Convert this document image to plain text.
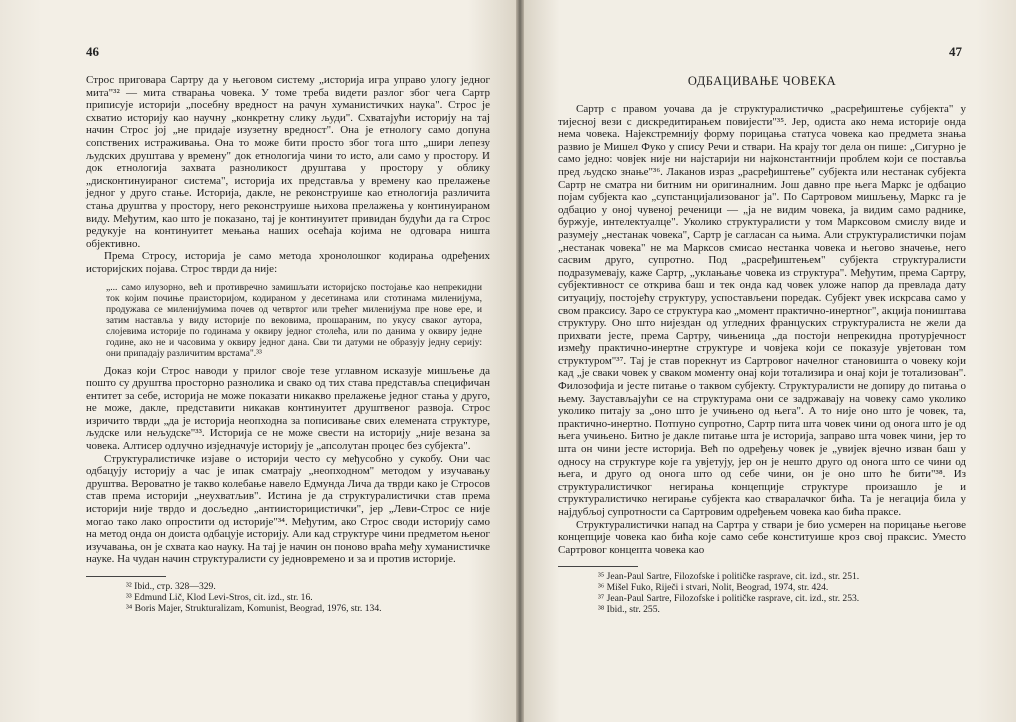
46

Строс приговара Сартру да у његовом систему „историја игра управо улогу једног мита"³² — мита стварања човека. У томе треба видети разлог због чега Сартр приписује историји „посебну вредност на рачун хуманистичких наука". Строс је схватио историју као научну „конкретну слику људи". Схватајући историју на тај начин Строс јој „не придаје изузетну вредност". Она је етнологу само допуна сопствених истраживања. Она то може бити просто због тога што „шири лепезу људских друштава у времену" док етнологија чини то исто, али само у простору. И док етнологија захвата разноликост друштава у простору у облику „дисконтинуираног система", историја их представља у времену као прелажење једног у друго стање. Историја, дакле, не реконструише као етнологија различита стања друштва у простору, него реконструише њихова прелажења у континуираном виду. Међутим, као што је показано, тај је континуитет привидан будући да га Строс редукује на континуитет мењања наших осећаја којима не одговара ништа објективно.

Према Стросу, историја је само метода хронолошког кодирања одређених историјских појава. Строс тврди да није:

„... само илузорно, већ и противречно замишљати историјско постојање као непрекидни ток којим почиње праисторијом, кодираном у десетинама или стотинама милениjума, продужава се милениjумима почев од четвртог или трећег миленијума пре нове ере, и затим наставља у виду историје по вековима, прошараним, по укусу сваког аутора, слојевима историје по годинама у оквиру једног столећа, или по данима у оквиру једне године, ако не и часовима у оквиру једног дана. Сви ти датуми не образују једну серију: они припадају различитим врстама".³³

Доказ који Строс наводи у прилог своје тезе углавном исказује мишљење да пошто су друштва просторно разнолика и свако од тих става представља специфичан ентитет за себе, историја не може показати никакво прелажење једног стања у друго, не може, дакле, представити никакав континуитет друштвеног развоја. Строс изричито тврди „да је историја неопходна за пописивање свих елемената структуре, људске или нељудске"³³. Историја се не може свести на историју „није везана за човека. Алтисер одлучно изједначује историју је „апсолутан процес без субјекта".

Структуралистичке изјаве о историји често су међусобно у сукобу. Они час одбацују историју а час је ипак сматрају „неопходном" методом у изучавању друштва. Вероватно је такво колебање навело Едмунда Лича да тврди како је Стросов став према историји „неухватљив". Истина је да структуралистички став према историји није тврдо и досљедно „антиисторицистички", јер „Леви-Строс се није могао тако лако опростити од историје"³⁴. Међутим, ако Строс своди историју само на метод онда он доиста одбацује историју. Али кад структуре чини предметом њеног изучавања, он је схвата као науку. На тај је начин он поново враћа међу хуманистичке науке. На чудан начин структуралисти су једновремено и за и против историје.

³² Ibid., стр. 328—329.
³³ Edmund Lič, Klod Levi-Stros, cit. izd., str. 16.
³⁴ Boris Majer, Strukturalizam, Komunist, Beograd, 1976, str. 134.
47
ОДБАЦИВАЊЕ ЧОВЕКА

Сартр с правом уочава да је структуралистичко „расређиштење субјекта" у тијесној вези с дискредитирањем повијести"³⁵. Јер, одиста ако нема историје онда нема човека. Најекстремнију форму порицања статуса човека као предмета знања развио је Мишел Фуко у спису Речи и ствари. На крају тог дела он пише: „Сигурно је само једно: човјек није ни најстарији ни најконстантнији проблем који се поставља пред људско знање"³⁶. Лаканов израз „расређиштење" субјекта или нестанак субјекта Сартр не сматра ни битним ни оригиналним. Још давно пре њега Маркс је одбацио појам субјекта као „супстанцијализованог ја". По Сартровом мишљењу, Маркс га је одбацио у оној чувеној реченици — „ја не видим човека, ја видим само раднике, буржује, интелектуалце". Уколико структуралисти у том Марксовом смислу виде и разумеју „нестанак човека", Сартр је сагласан са њима. Али структуралистички појам „нестанак човека" не ма Марксов смисао нестанка човека и његово значење, него сасвим друго, супротно. Под „расређиштењем" субјекта структуралисти подразумевају, каже Сартр, „уклањање човека из структура". Међутим, према Сартру, субјективност се открива баш и тек онда кад човек уложе напор да превлада дату ситуацију, постојећу структуру, успостављени поредак. Субјект увек искрсава само у свом праксису. Заро се структура као „момент практично-инертног", акција поништава структуру. Оно што нијездан од угледних француских структуралиста не жели да прихвати јесте, према Сартру, чињеница „да постоји непрекидна протурјечност између практично-инертне структуре и човјека који се показује увјетован том структуром"³⁷. Тај је став порекнут из Сартровог начелног становишта о човеку који кад „је сваки човек у сваком моменту онај који тотализира и онај који је тотализован". Филозофија и јесте питање о таквом субјекту. Структуралисти не допиру до питања о њему. Заустављајући се на структурама они се задржавају на човеку само уколико уколико питају за „оно што је учињено од њега". А то није оно што је човек, та, практично-инертно. Потпуно супротно, Сартр пита шта човек чини од онога што је од њега учињено. Битно је дакле питање шта је историја, заправо шта човек чини, јер то шта он чини јесте историја. Већ по одређењу човек је „увијек вјечно изван баш у односу на структуре које га увјетују, јер он је нешто друго од онога што се чини од њега, и друго од онога што од себе чини, он је оно што ће бити"³⁸. Из структуралистичког негирања концепције структуре произашло је и структуралистичко негирање субјекта као стваралачког бића. Та је негација била у најдубљој супротности са Сартровим одређењем човека као бића праксе.

Структуралистички напад на Сартра у ствари је био усмерен на порицање његове концепције човека као бића које само себе конституише кроз свој праксис. Уместо Сартровог концепта човека као

³⁵ Jean-Paul Sartre, Filozofske i političke rasprave, cit. izd., str. 251.
³⁶ Mišel Fuko, Riječi i stvari, Nolit, Beograd, 1974, str. 424.
³⁷ Jean-Paul Sartre, Filozofske i političke rasprave, cit. izd., str. 253.
³⁸ Ibid., str. 255.
